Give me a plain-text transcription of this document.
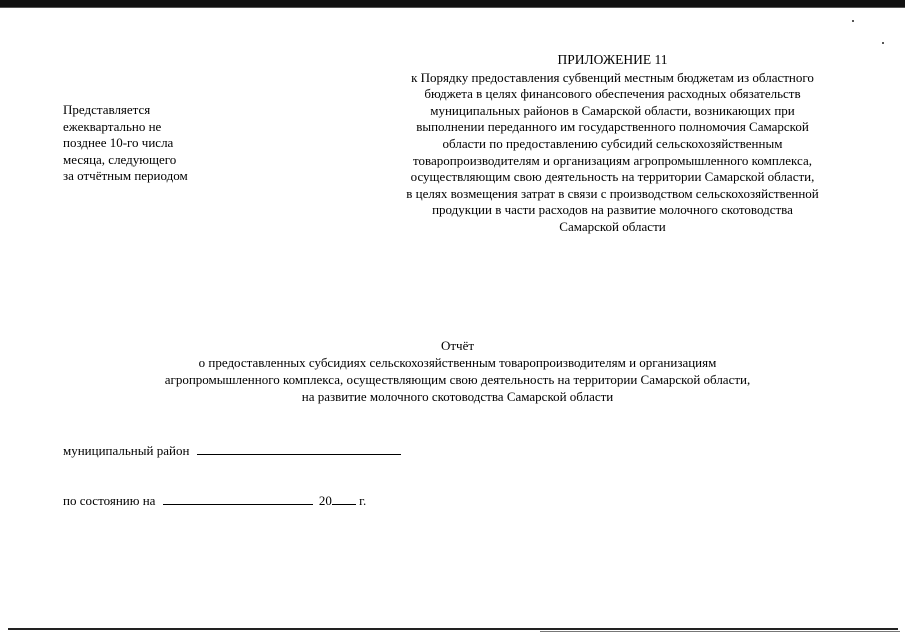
ПРИЛОЖЕНИЕ 11
к Порядку предоставления субвенций местным бюджетам из областного
бюджета в целях финансового обеспечения расходных обязательств
муниципальных районов в Самарской области, возникающих при
выполнении переданного им государственного полномочия Самарской
области по предоставлению субсидий сельскохозяйственным
товаропроизводителям и организациям агропромышленного комплекса,
осуществляющим свою деятельность на территории Самарской области,
в целях возмещения затрат в связи с производством сельскохозяйственной
продукции в части расходов на развитие молочного скотоводства
Самарской области
Представляется
ежеквартально не
позднее 10-го числа
месяца, следующего
за отчётным периодом
Отчёт
о предоставленных субсидиях сельскохозяйственным товаропроизводителям и организациям
агропромышленного комплекса, осуществляющим свою деятельность на территории Самарской области,
на развитие молочного скотоводства Самарской области
муниципальный район
по состоянию на	20 г.
